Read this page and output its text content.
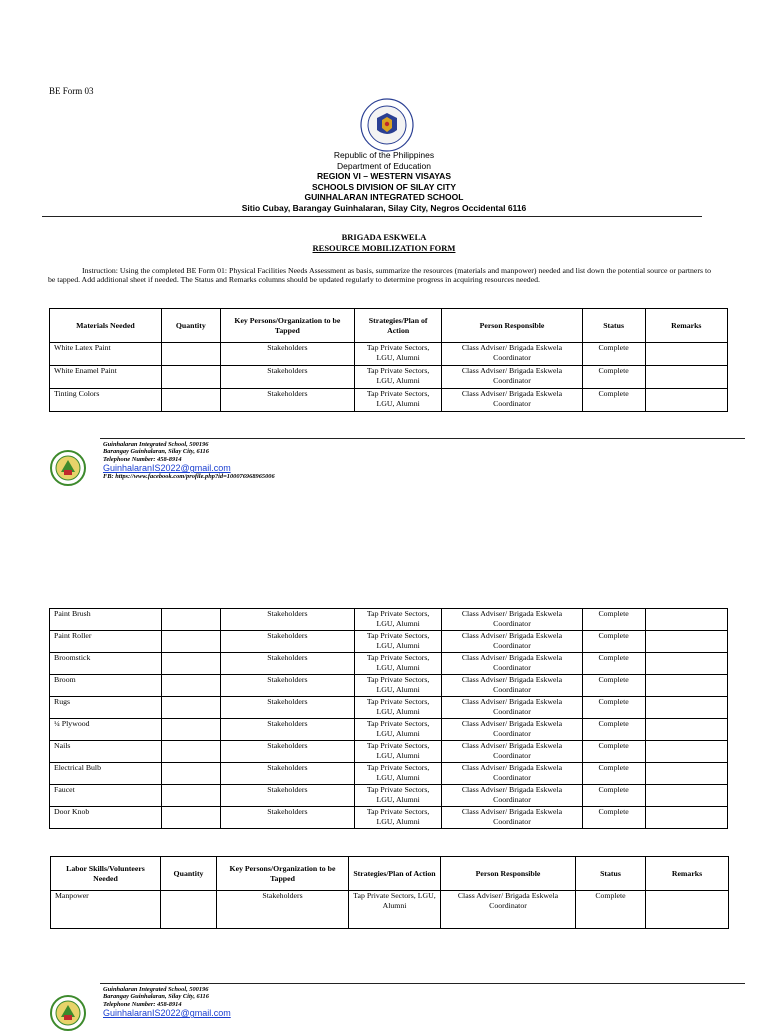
BE Form 03
Republic of the Philippines
Department of Education
REGION VI – WESTERN VISAYAS
SCHOOLS DIVISION OF SILAY CITY
GUINHALARAN INTEGRATED SCHOOL
Sitio Cubay, Barangay Guinhalaran, Silay City, Negros Occidental 6116
BRIGADA ESKWELA
RESOURCE MOBILIZATION FORM
Instruction: Using the completed BE Form 01: Physical Facilities Needs Assessment as basis, summarize the resources (materials and manpower) needed and list down the potential source or partners to be tapped. Add additional sheet if needed. The Status and Remarks columns should be updated regularly to determine progress in acquiring resources needed.
Materials Needed	Quantity	Key Persons/Organization to be Tapped	Strategies/Plan of Action	Person Responsible	Status	Remarks
White Latex Paint		Stakeholders	Tap Private Sectors, LGU, Alumni	Class Adviser/ Brigada Eskwela Coordinator	Complete	
White Enamel Paint		Stakeholders	Tap Private Sectors, LGU, Alumni	Class Adviser/ Brigada Eskwela Coordinator	Complete	
Tinting Colors		Stakeholders	Tap Private Sectors, LGU, Alumni	Class Adviser/ Brigada Eskwela Coordinator	Complete	
Guinhalaran Integrated School, 500196
Barangay Guinhalaran, Silay City, 6116
Telephone Number: 458-8914
GuinhalaranIS2022@gmail.com
FB: https://www.facebook.com/profile.php?id=100076968965006
Paint Brush		Stakeholders	Tap Private Sectors, LGU, Alumni	Class Adviser/ Brigada Eskwela Coordinator	Complete	
Paint Roller		Stakeholders	Tap Private Sectors, LGU, Alumni	Class Adviser/ Brigada Eskwela Coordinator	Complete	
Broomstick		Stakeholders	Tap Private Sectors, LGU, Alumni	Class Adviser/ Brigada Eskwela Coordinator	Complete	
Broom		Stakeholders	Tap Private Sectors, LGU, Alumni	Class Adviser/ Brigada Eskwela Coordinator	Complete	
Rugs		Stakeholders	Tap Private Sectors, LGU, Alumni	Class Adviser/ Brigada Eskwela Coordinator	Complete	
¼ Plywood		Stakeholders	Tap Private Sectors, LGU, Alumni	Class Adviser/ Brigada Eskwela Coordinator	Complete	
Nails		Stakeholders	Tap Private Sectors, LGU, Alumni	Class Adviser/ Brigada Eskwela Coordinator	Complete	
Electrical Bulb		Stakeholders	Tap Private Sectors, LGU, Alumni	Class Adviser/ Brigada Eskwela Coordinator	Complete	
Faucet		Stakeholders	Tap Private Sectors, LGU, Alumni	Class Adviser/ Brigada Eskwela Coordinator	Complete	
Door Knob		Stakeholders	Tap Private Sectors, LGU, Alumni	Class Adviser/ Brigada Eskwela Coordinator	Complete	
Labor Skills/Volunteers Needed	Quantity	Key Persons/Organization to be Tapped	Strategies/Plan of Action	Person Responsible	Status	Remarks
Manpower		Stakeholders	Tap Private Sectors, LGU, Alumni	Class Adviser/ Brigada Eskwela Coordinator	Complete	
Guinhalaran Integrated School, 500196
Barangay Guinhalaran, Silay City, 6116
Telephone Number: 458-8914
GuinhalaranIS2022@gmail.com
